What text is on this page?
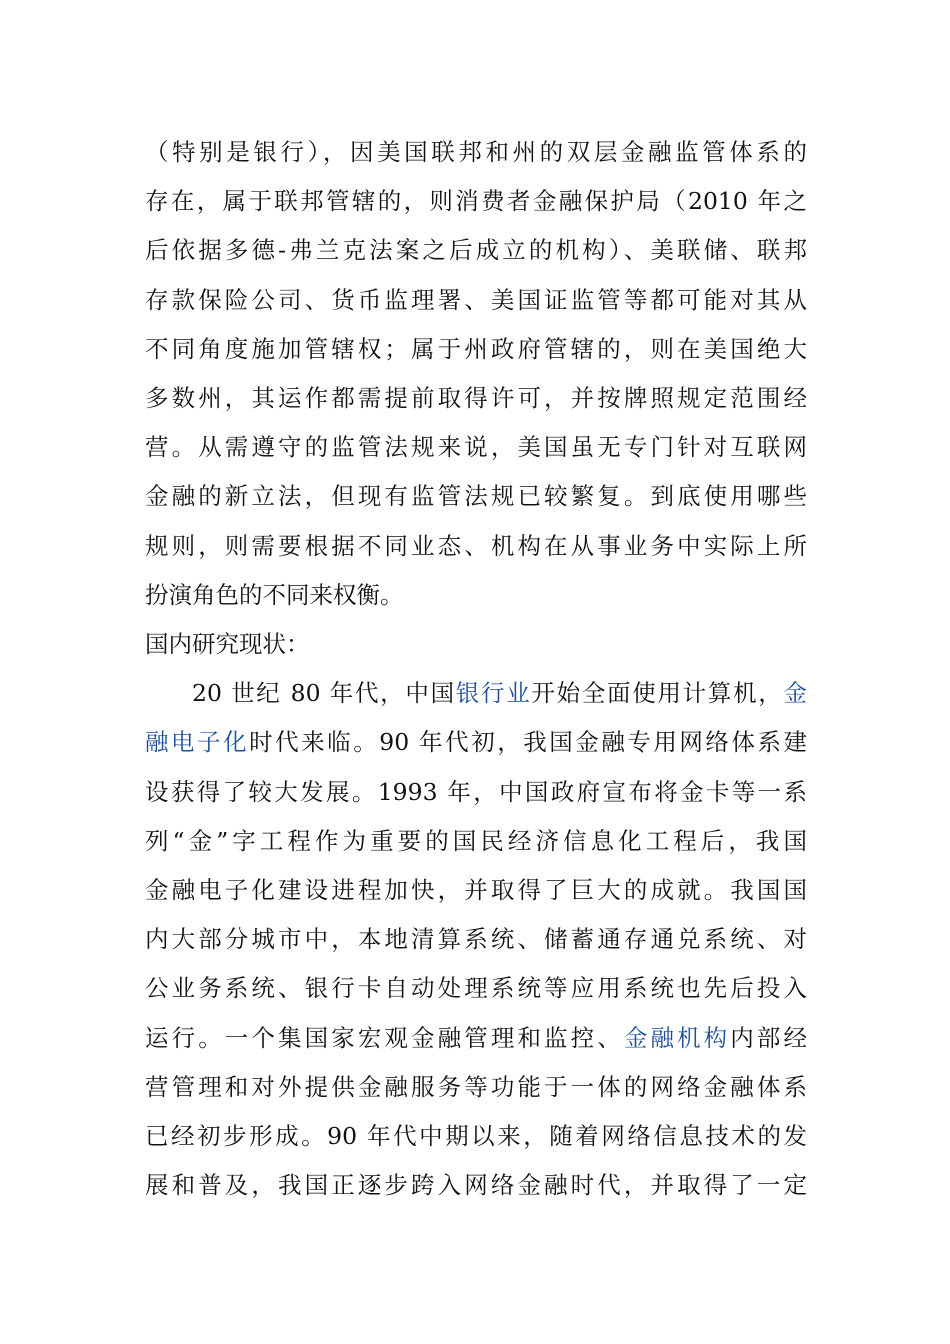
（特别是银行），因美国联邦和州的双层金融监管体系的
存在，属于联邦管辖的，则消费者金融保护局（2010 年之
后依据多德-弗兰克法案之后成立的机构）、美联储、联邦
存款保险公司、货币监理署、美国证监管等都可能对其从
不同角度施加管辖权；属于州政府管辖的，则在美国绝大
多数州，其运作都需提前取得许可，并按牌照规定范围经
营。从需遵守的监管法规来说，美国虽无专门针对互联网
金融的新立法，但现有监管法规已较繁复。到底使用哪些
规则，则需要根据不同业态、机构在从事业务中实际上所
扮演角色的不同来权衡。
国内研究现状：
20 世纪 80 年代，中国银行业开始全面使用计算机，金
融电子化时代来临。90 年代初，我国金融专用网络体系建
设获得了较大发展。1993 年，中国政府宣布将金卡等一系
列“金”字工程作为重要的国民经济信息化工程后，我国
金融电子化建设进程加快，并取得了巨大的成就。我国国
内大部分城市中，本地清算系统、储蓄通存通兑系统、对
公业务系统、银行卡自动处理系统等应用系统也先后投入
运行。一个集国家宏观金融管理和监控、金融机构内部经
营管理和对外提供金融服务等功能于一体的网络金融体系
已经初步形成。90 年代中期以来，随着网络信息技术的发
展和普及，我国正逐步跨入网络金融时代，并取得了一定
